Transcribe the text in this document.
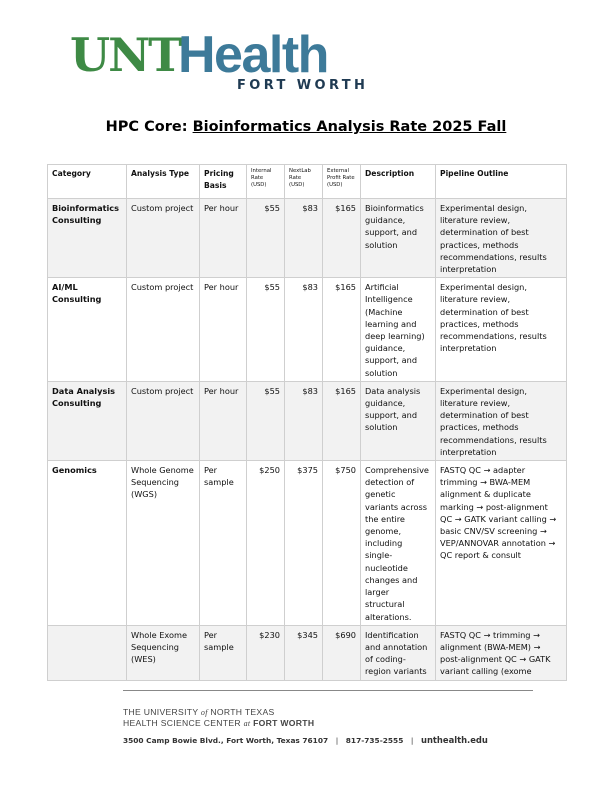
UNT
Health
FORT WORTH
HPC Core: Bioinformatics Analysis Rate 2025 Fall
Category	Analysis Type	Pricing Basis	Internal Rate (USD)	NextLab Rate (USD)	External Profit Rate (USD)	Description	Pipeline Outline
Bioinformatics Consulting	Custom project	Per hour	$55	$83	$165	Bioinformatics guidance, support, and solution	Experimental design, literature review, determination of best practices, methods recommendations, results interpretation
AI/ML Consulting	Custom project	Per hour	$55	$83	$165	Artificial Intelligence (Machine learning and deep learning) guidance, support, and solution	Experimental design, literature review, determination of best practices, methods recommendations, results interpretation
Data Analysis Consulting	Custom project	Per hour	$55	$83	$165	Data analysis guidance, support, and solution	Experimental design, literature review, determination of best practices, methods recommendations, results interpretation
Genomics	Whole Genome Sequencing (WGS)	Per sample	$250	$375	$750	Comprehensive detection of genetic variants across the entire genome, including single-nucleotide changes and larger structural alterations.	FASTQ QC → adapter trimming → BWA-MEM alignment & duplicate marking → post-alignment QC → GATK variant calling → basic CNV/SV screening → VEP/ANNOVAR annotation → QC report & consult
	Whole Exome Sequencing (WES)	Per sample	$230	$345	$690	Identification and annotation of coding-region variants	FASTQ QC → trimming → alignment (BWA-MEM) → post-alignment QC → GATK variant calling (exome
THE UNIVERSITY of NORTH TEXAS
HEALTH SCIENCE CENTER at FORT WORTH
3500 Camp Bowie Blvd., Fort Worth, Texas 76107 | 817-735-2555 | unthealth.edu
